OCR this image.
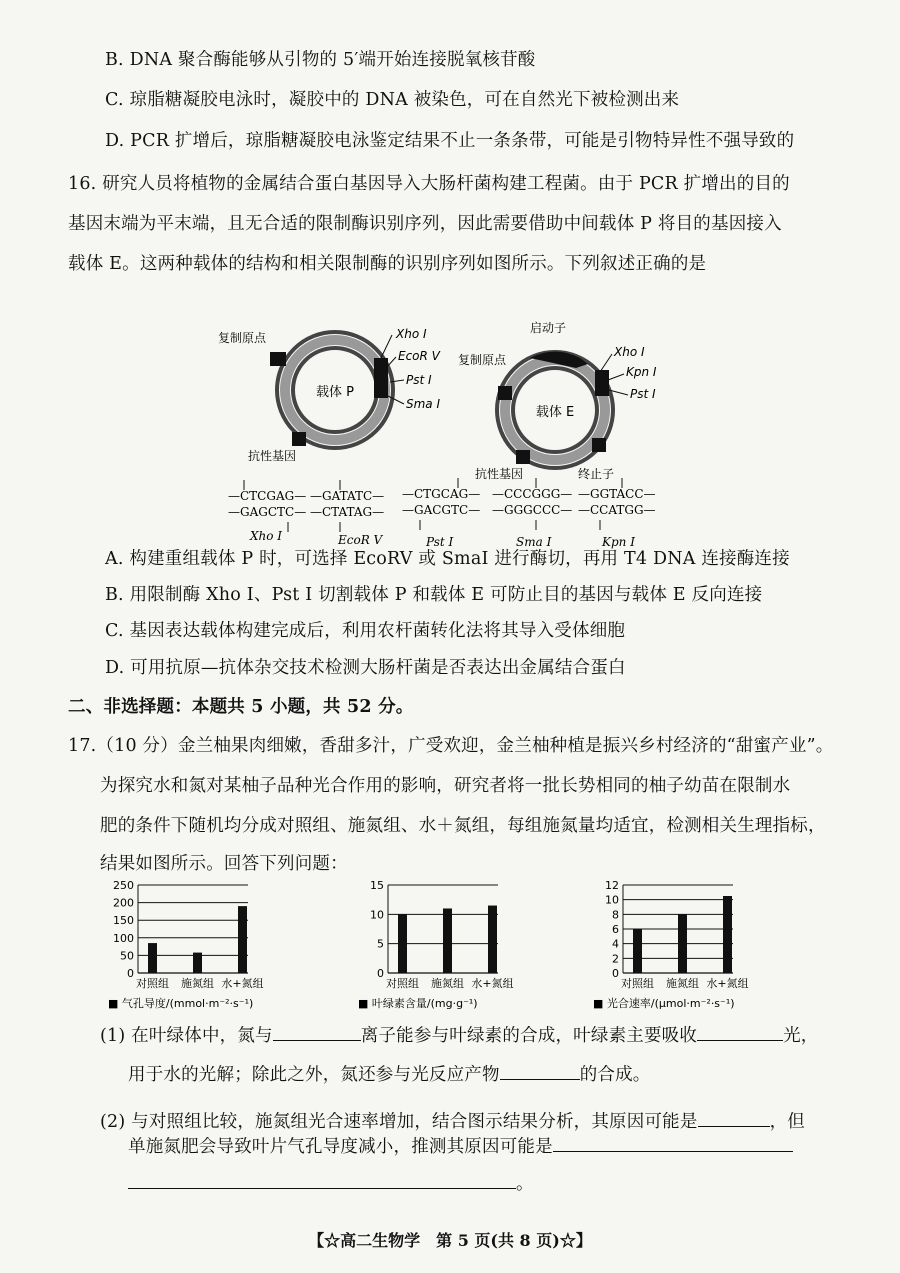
B. DNA 聚合酶能够从引物的 5′端开始连接脱氧核苷酸
C. 琼脂糖凝胶电泳时，凝胶中的 DNA 被染色，可在自然光下被检测出来
D. PCR 扩增后，琼脂糖凝胶电泳鉴定结果不止一条条带，可能是引物特异性不强导致的
16. 研究人员将植物的金属结合蛋白基因导入大肠杆菌构建工程菌。由于 PCR 扩增出的目的
基因末端为平末端，且无合适的限制酶识别序列，因此需要借助中间载体 P 将目的基因接入
载体 E。这两种载体的结构和相关限制酶的识别序列如图所示。下列叙述正确的是
载体 P
复制原点
抗性基因
Xho Ⅰ
EcoR Ⅴ
Pst Ⅰ
Sma Ⅰ
载体 E
启动子
复制原点
抗性基因	终止子
Xho Ⅰ
Kpn Ⅰ
Pst Ⅰ
—CTCGAG—
—GAGCTC—
Xho Ⅰ
—GATATC—
—CTATAG—
EcoR Ⅴ
—CTGCAG—
—GACGTC—
Pst Ⅰ
—CCCGGG—
—GGGCCC—
Sma Ⅰ
—GGTACC—
—CCATGG—
Kpn Ⅰ
A. 构建重组载体 P 时，可选择 EcoRV 或 SmaI 进行酶切，再用 T4 DNA 连接酶连接
B. 用限制酶 Xho Ⅰ、Pst Ⅰ 切割载体 P 和载体 E 可防止目的基因与载体 E 反向连接
C. 基因表达载体构建完成后，利用农杆菌转化法将其导入受体细胞
D. 可用抗原—抗体杂交技术检测大肠杆菌是否表达出金属结合蛋白
二、非选择题：本题共 5 小题，共 52 分。
17.（10 分）金兰柚果肉细嫩，香甜多汁，广受欢迎，金兰柚种植是振兴乡村经济的“甜蜜产业”。
为探究水和氮对某柚子品种光合作用的影响，研究者将一批长势相同的柚子幼苗在限制水
肥的条件下随机均分成对照组、施氮组、水＋氮组，每组施氮量均适宜，检测相关生理指标，
结果如图所示。回答下列问题：
0
50
100
150
200
250
对照组 施氮组 水+氮组
■ 气孔导度/(mmol·m⁻²·s⁻¹)
0
5
10
15
对照组 施氮组 水+氮组
■ 叶绿素含量/(mg·g⁻¹)
0
2
4
6
8
10
12
对照组 施氮组 水+氮组
■ 光合速率/(μmol·m⁻²·s⁻¹)
(1) 在叶绿体中，氮与	离子能参与叶绿素的合成，叶绿素主要吸收	光，
用于水的光解；除此之外，氮还参与光反应产物	的合成。
(2) 与对照组比较，施氮组光合速率增加，结合图示结果分析，其原因可能是	，但
单施氮肥会导致叶片气孔导度减小，推测其原因可能是
。
【☆高二生物学　第 5 页(共 8 页)☆】
